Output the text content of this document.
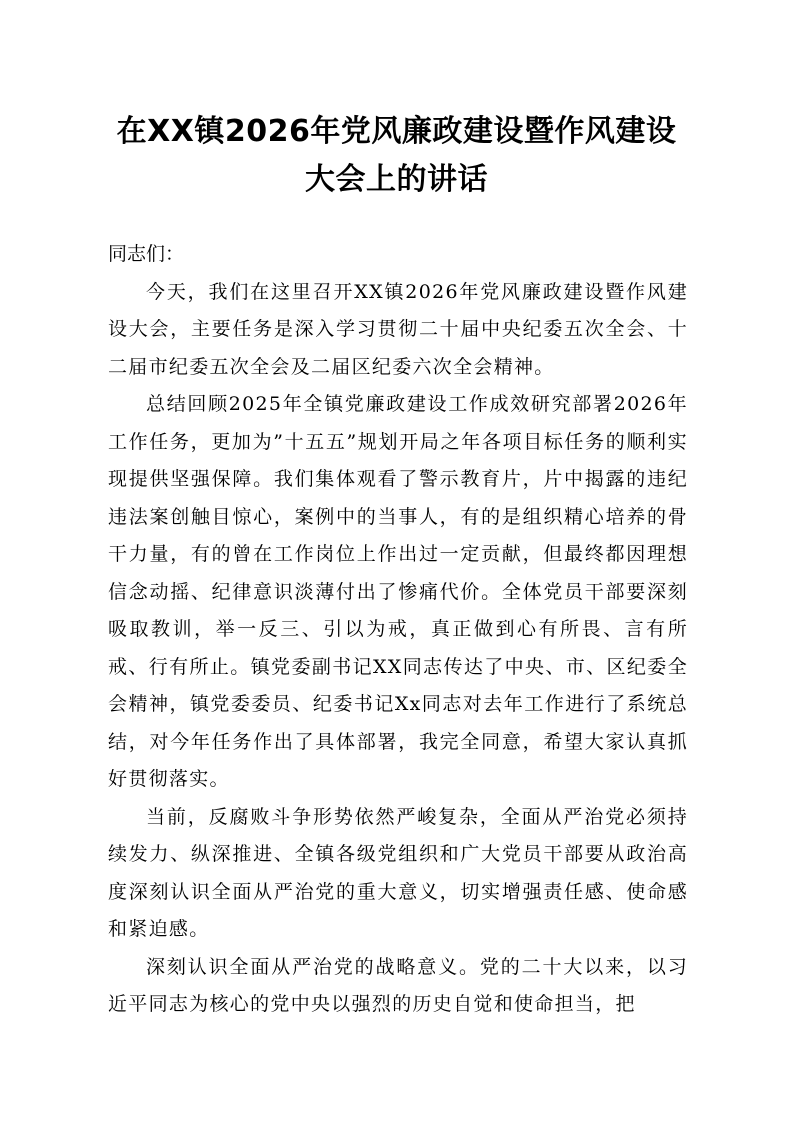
在XX镇2026年党风廉政建设暨作风建设
大会上的讲话

同志们：

今天，我们在这里召开XX镇2026年党风廉政建设暨作风建设大会，主要任务是深入学习贯彻二十届中央纪委五次全会、十二届市纪委五次全会及二届区纪委六次全会精神。

总结回顾2025年全镇党廉政建设工作成效研究部署2026年工作任务，更加为”十五五”规划开局之年各项目标任务的顺利实现提供坚强保障。我们集体观看了警示教育片，片中揭露的违纪违法案创触目惊心，案例中的当事人，有的是组织精心培养的骨干力量，有的曾在工作岗位上作出过一定贡献，但最终都因理想信念动摇、纪律意识淡薄付出了惨痛代价。全体党员干部要深刻吸取教训，举一反三、引以为戒，真正做到心有所畏、言有所戒、行有所止。镇党委副书记XX同志传达了中央、市、区纪委全会精神，镇党委委员、纪委书记Xx同志对去年工作进行了系统总结，对今年任务作出了具体部署，我完全同意，希望大家认真抓好贯彻落实。

当前，反腐败斗争形势依然严峻复杂，全面从严治党必须持续发力、纵深推进、全镇各级党组织和广大党员干部要从政治高度深刻认识全面从严治党的重大意义，切实增强责任感、使命感和紧迫感。

深刻认识全面从严治党的战略意义。党的二十大以来，以习近平同志为核心的党中央以强烈的历史自觉和使命担当，把
